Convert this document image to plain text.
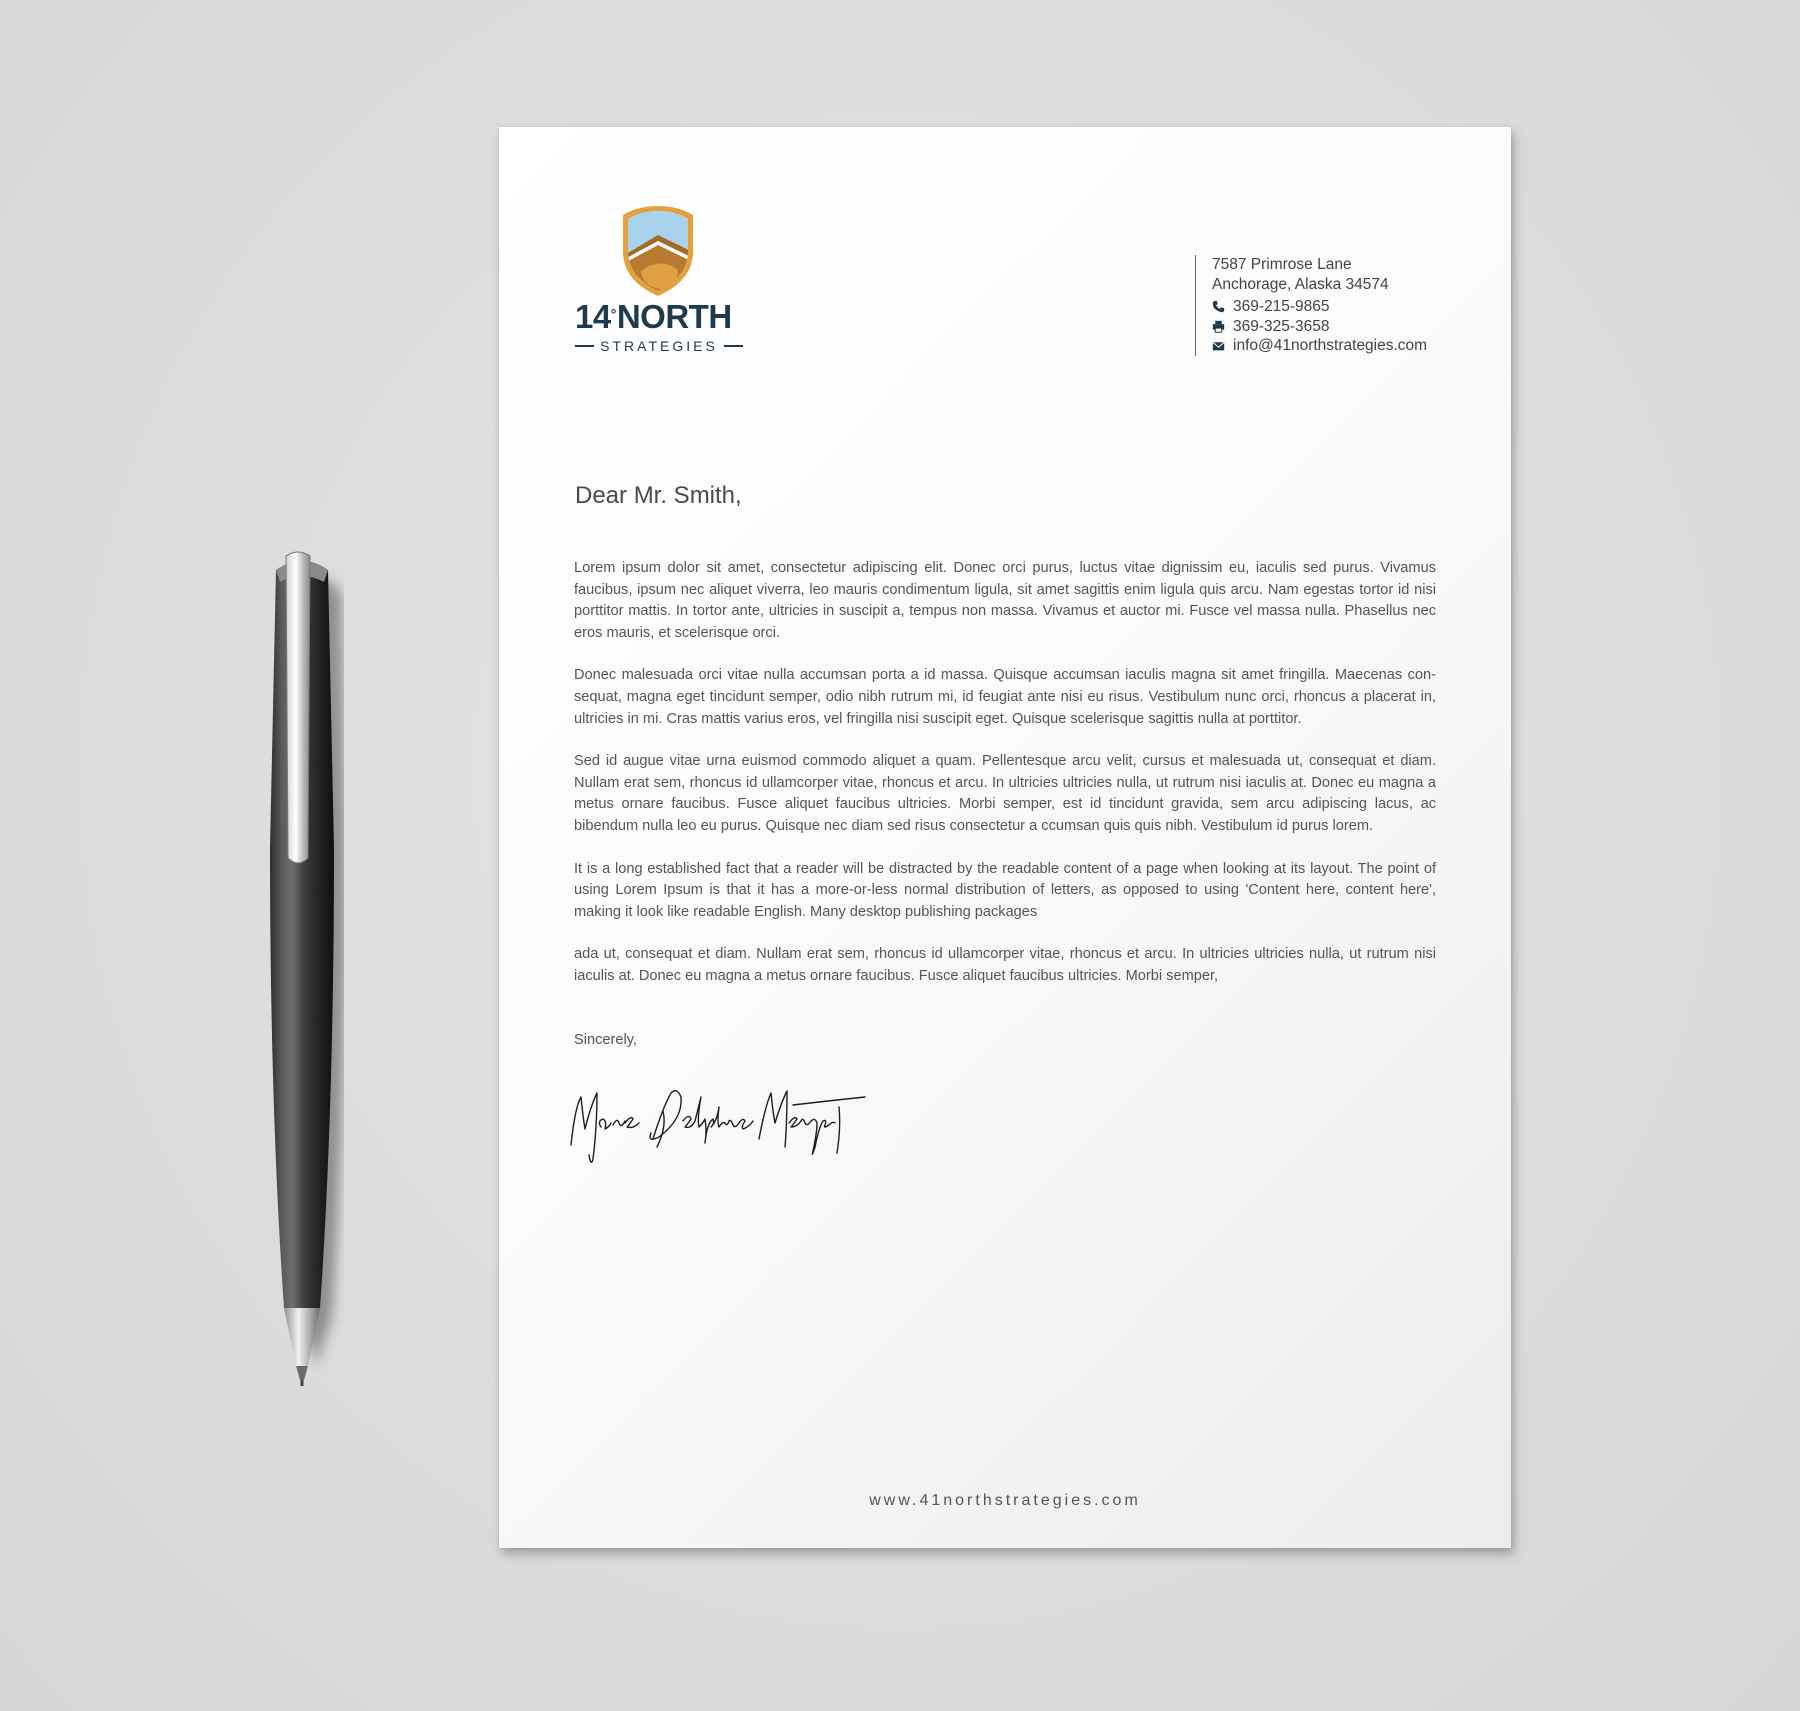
14°NORTH
STRATEGIES
7587 Primrose Lane
Anchorage, Alaska 34574
369-215-9865
369-325-3658
info@41northstrategies.com
Dear Mr. Smith,

Lorem ipsum dolor sit amet, consectetur adipiscing elit. Donec orci purus, luctus vitae dignissim eu, iaculis sed purus. Vivamus faucibus, ipsum nec aliquet viverra, leo mauris condimentum ligula, sit amet sagittis enim ligula quis arcu. Nam egestas tortor id nisi porttitor mattis. In tortor ante, ultricies in suscipit a, tempus non massa. Vivamus et auctor mi. Fusce vel massa nulla. Phasellus nec eros mauris, et scelerisque orci.

Donec malesuada orci vitae nulla accumsan porta a id massa. Quisque accumsan iaculis magna sit amet fringilla. Maecenas con-sequat, magna eget tincidunt semper, odio nibh rutrum mi, id feugiat ante nisi eu risus. Vestibulum nunc orci, rhoncus a placerat in, ultricies in mi. Cras mattis varius eros, vel fringilla nisi suscipit eget. Quisque scelerisque sagittis nulla at porttitor.

Sed id augue vitae urna euismod commodo aliquet a quam. Pellentesque arcu velit, cursus et malesuada ut, consequat et diam. Nullam erat sem, rhoncus id ullamcorper vitae, rhoncus et arcu. In ultricies ultricies nulla, ut rutrum nisi iaculis at. Donec eu magna a metus ornare faucibus. Fusce aliquet faucibus ultricies. Morbi semper, est id tincidunt gravida, sem arcu adipiscing lacus, ac bibendum nulla leo eu purus. Quisque nec diam sed risus consectetur a ccumsan quis quis nibh. Vestibulum id purus lorem.

It is a long established fact that a reader will be distracted by the readable content of a page when looking at its layout. The point of using Lorem Ipsum is that it has a more-or-less normal distribution of letters, as opposed to using 'Content here, content here', making it look like readable English. Many desktop publishing packages

ada ut, consequat et diam. Nullam erat sem, rhoncus id ullamcorper vitae, rhoncus et arcu. In ultricies ultricies nulla, ut rutrum nisi iaculis at. Donec eu magna a metus ornare faucibus. Fusce aliquet faucibus ultricies. Morbi semper,

Sincerely,
www.41northstrategies.com
